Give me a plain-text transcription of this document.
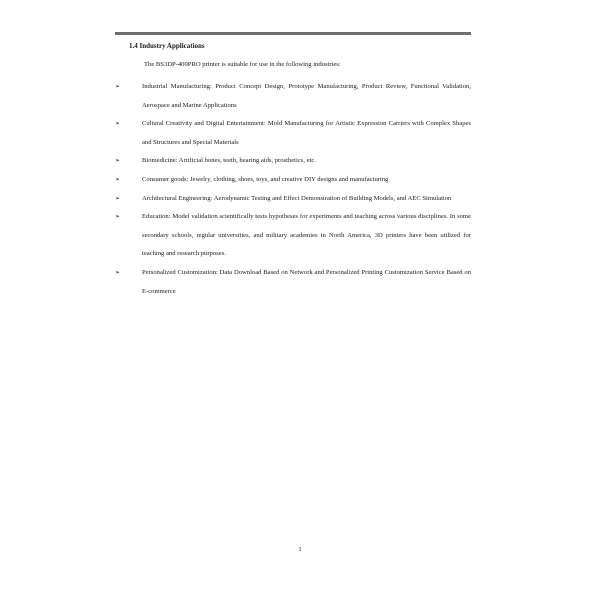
1.4 Industry Applications
The BS3DP-400PRO printer is suitable for use in the following industries:
➢	Industrial Manufacturing: Product Concept Design, Prototype Manufacturing, Product Review, Functional Validation, Aerospace and Marine Applications
➢	Cultural Creativity and Digital Entertainment: Mold Manufacturing for Artistic Expression Carriers with Complex Shapes and Structures and Special Materials
➢	Biomedicine: Artificial bones, teeth, hearing aids, prosthetics, etc.
➢	Consumer goods: Jewelry, clothing, shoes, toys, and creative DIY designs and manufacturing
➢	Architectural Engineering: Aerodynamic Testing and Effect Demonstration of Building Models, and AEC Simulation
➢	Education: Model validation scientifically tests hypotheses for experiments and teaching across various disciplines. In some secondary schools, regular universities, and military academies in North America, 3D printers have been utilized for teaching and research purposes.
➢	Personalized Customization: Data Download Based on Network and Personalized Printing Customization Service Based on E-commerce
1
